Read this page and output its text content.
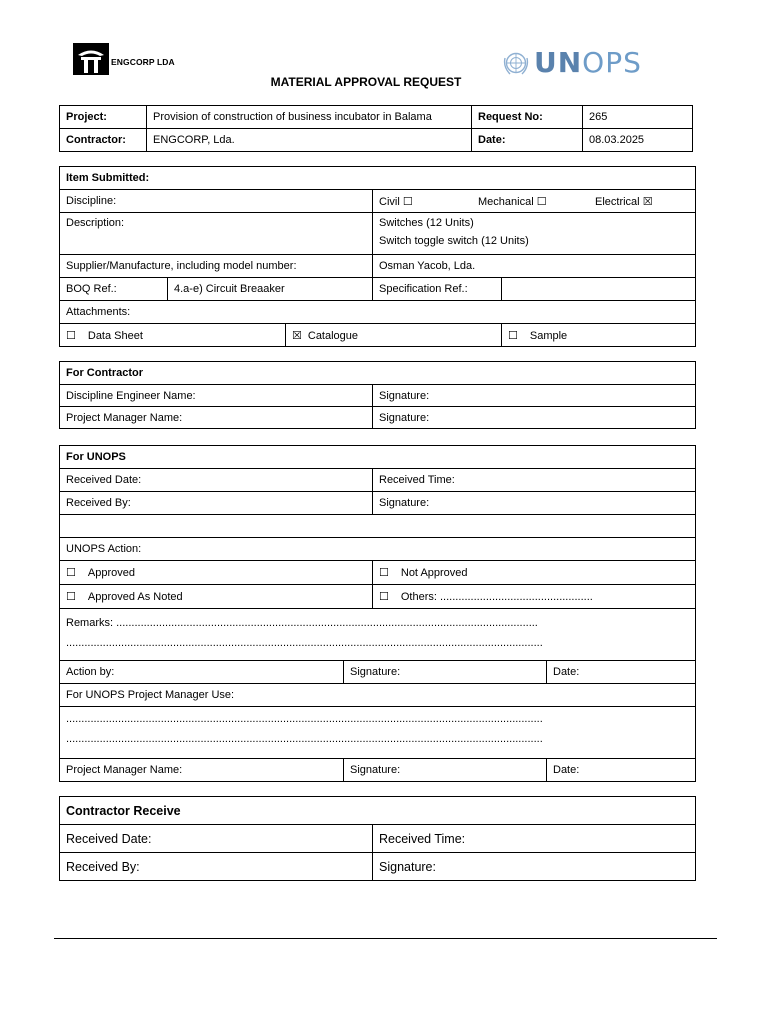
ENGCORP LDA	UNOPS
MATERIAL APPROVAL REQUEST
Project:	Provision of construction of business incubator in Balama	Request No:	265
Contractor:	ENGCORP, Lda.	Date:	08.03.2025
Item Submitted:				
Discipline:			Civil ☐ Mechanical ☐ Electrical ☒	
Description:			Switches (12 Units)
Switch toggle switch (12 Units)	

Supplier/Manufacture, including model number:			Osman Yacob, Lda.	
BOQ Ref.:	4.a-e) Circuit Breaaker		Specification Ref.:	
Attachments:				
☐ Data Sheet		☒ Catalogue		☐ Sample
For Contractor	
Discipline Engineer Name:	Signature:
Project Manager Name:	Signature:
For UNOPS			
Received Date:		Received Time:	
Received By:		Signature:	

UNOPS Action:			
☐ Approved		☐ Not Approved	
☐ Approved As Noted		☐ Others: ..................................................	
Remarks: ..........................................................................................................................................
............................................................................................................................................................			

Action by:	Signature:		Date:
For UNOPS Project Manager Use:			
............................................................................................................................................................
............................................................................................................................................................			

Project Manager Name:	Signature:		Date:
Contractor Receive	
Received Date:	Received Time:
Received By:	Signature:
